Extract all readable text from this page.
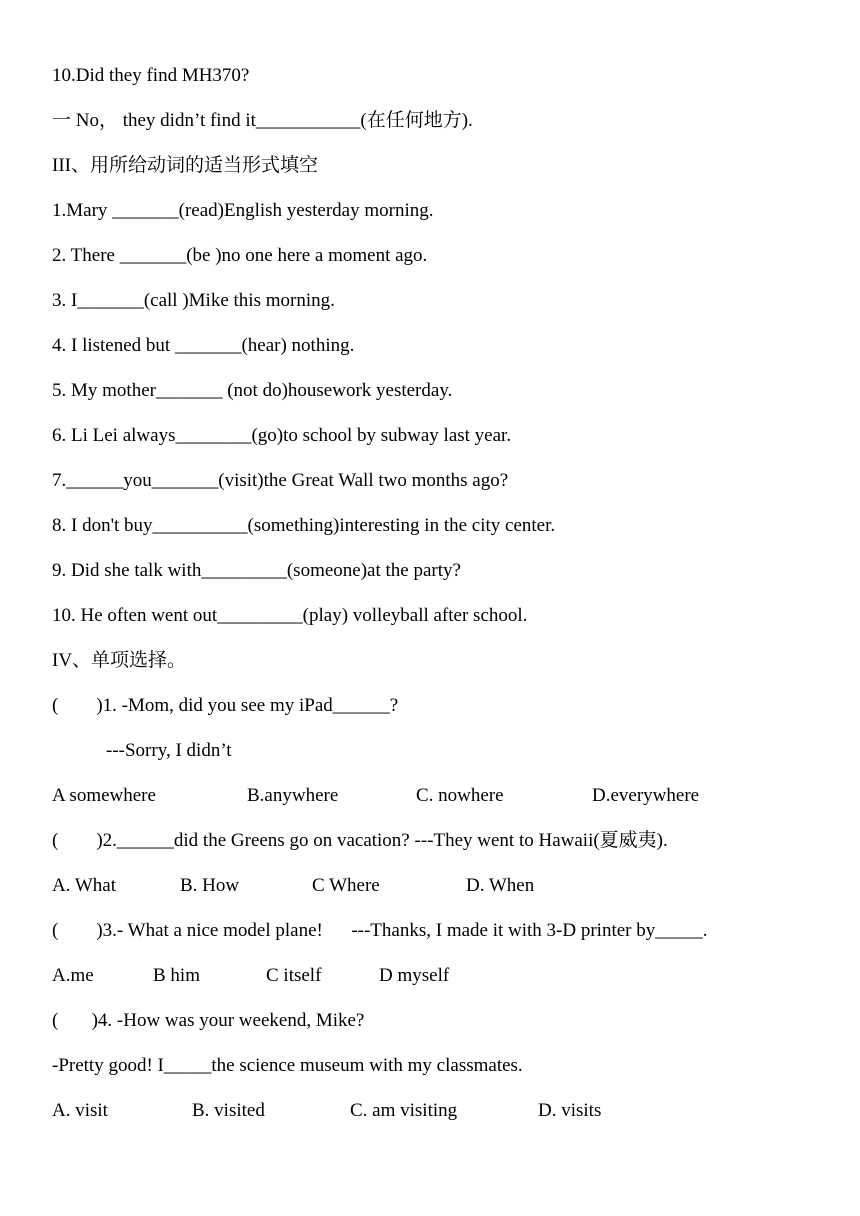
10.Did they find MH370?
一 No， they didn’t find it___________(在任何地方).
III、用所给动词的适当形式填空
1.Mary _______(read)English yesterday morning.
2. There _______(be )no one here a moment ago.
3. I_______(call )Mike this morning.
4. I listened but _______(hear) nothing.
5. My mother_______ (not do)housework yesterday.
6. Li Lei always________(go)to school by subway last year.
7.______you_______(visit)the Great Wall two months ago?
8. I don't buy__________(something)interesting in the city center.
9. Did she talk with_________(someone)at the party?
10. He often went out_________(play) volleyball after school.
IV、单项选择。
(        )1. -Mom, did you see my iPad______?
---Sorry, I didn’t
A somewhere	B.anywhere	C. nowhere	D.everywhere
(        )2.______did the Greens go on vacation? ---They went to Hawaii(夏威夷).
A. What	B. How	C Where	D. When
(        )3.- What a nice model plane!      ---Thanks, I made it with 3-D printer by_____.
A.me	B him	C itself	D myself
(       )4. -How was your weekend, Mike?
-Pretty good! I_____the science museum with my classmates.
A. visit	B. visited	C. am visiting	D. visits
